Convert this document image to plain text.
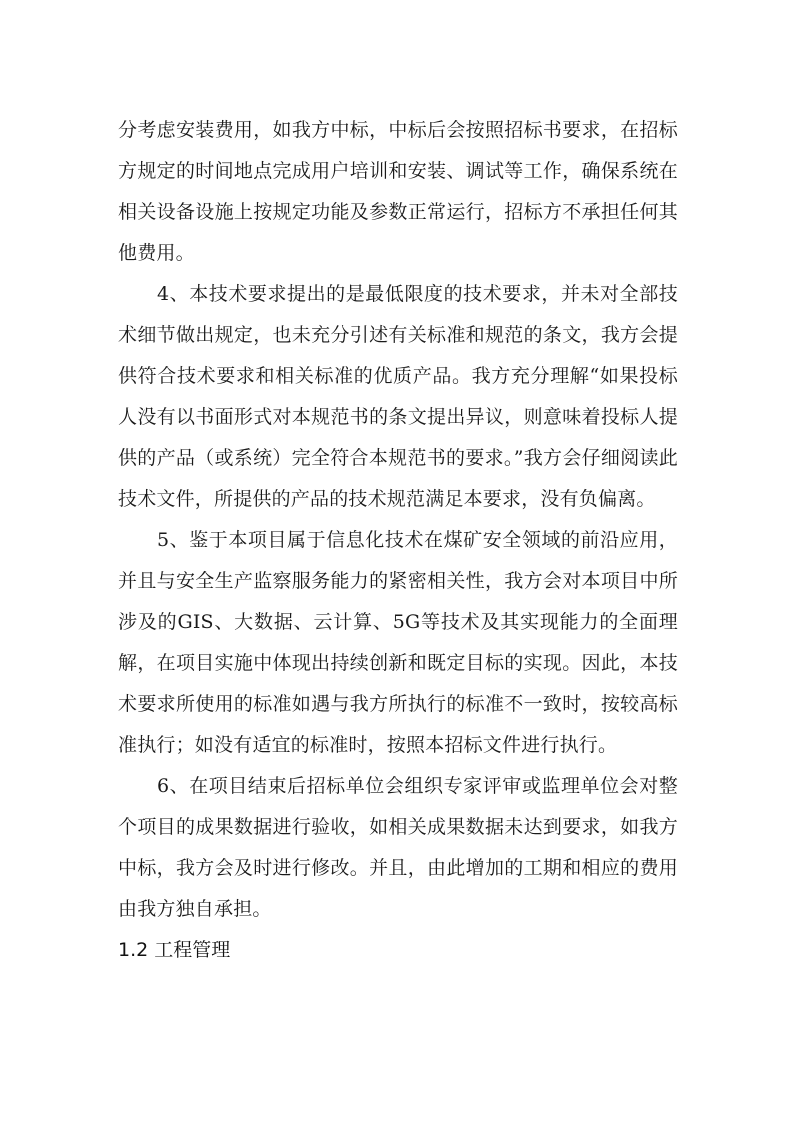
分考虑安装费用，如我方中标，中标后会按照招标书要求，在招标方规定的时间地点完成用户培训和安装、调试等工作，确保系统在相关设备设施上按规定功能及参数正常运行，招标方不承担任何其他费用。

4、本技术要求提出的是最低限度的技术要求，并未对全部技术细节做出规定，也未充分引述有关标准和规范的条文，我方会提供符合技术要求和相关标准的优质产品。我方充分理解“如果投标人没有以书面形式对本规范书的条文提出异议，则意味着投标人提供的产品（或系统）完全符合本规范书的要求。”我方会仔细阅读此技术文件，所提供的产品的技术规范满足本要求，没有负偏离。

5、鉴于本项目属于信息化技术在煤矿安全领域的前沿应用，并且与安全生产监察服务能力的紧密相关性，我方会对本项目中所涉及的GIS、大数据、云计算、5G等技术及其实现能力的全面理解，在项目实施中体现出持续创新和既定目标的实现。因此，本技术要求所使用的标准如遇与我方所执行的标准不一致时，按较高标准执行；如没有适宜的标准时，按照本招标文件进行执行。

6、在项目结束后招标单位会组织专家评审或监理单位会对整个项目的成果数据进行验收，如相关成果数据未达到要求，如我方中标，我方会及时进行修改。并且，由此增加的工期和相应的费用由我方独自承担。

1.2 工程管理
